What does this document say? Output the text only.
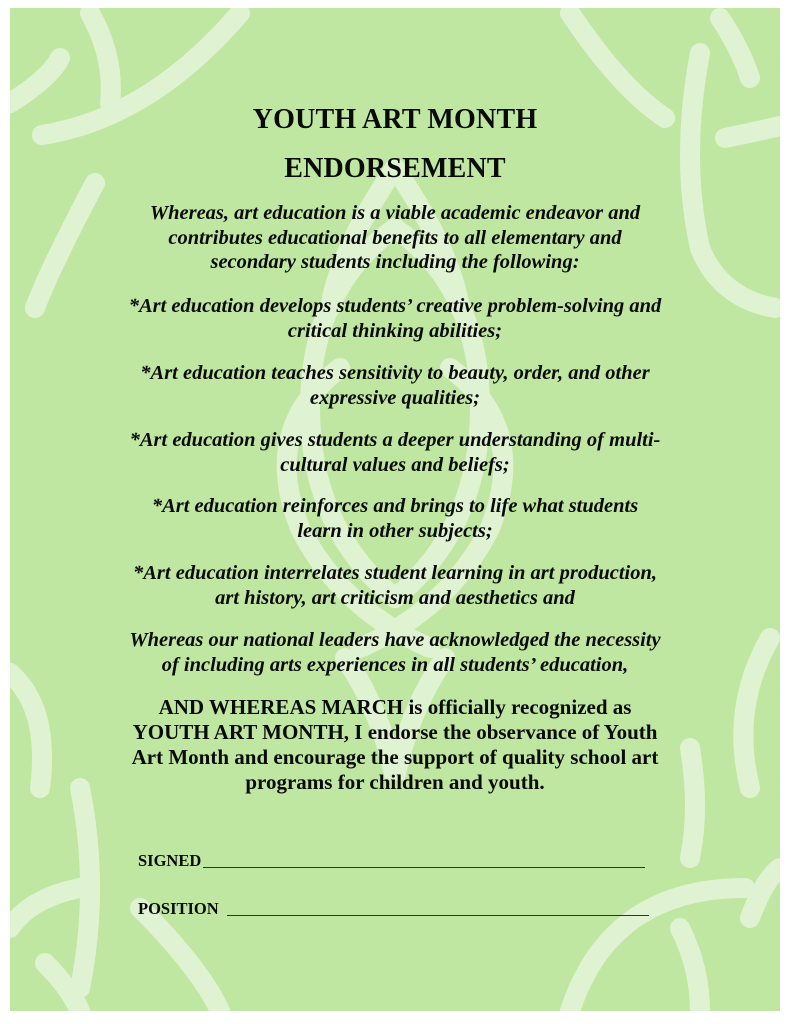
YOUTH ART MONTH
ENDORSEMENT
Whereas, art education is a viable academic endeavor and
contributes educational benefits to all elementary and
secondary students including the following:
*Art education develops students’ creative problem-solving and
critical thinking abilities;
*Art education teaches sensitivity to beauty, order, and other
expressive qualities;
*Art education gives students a deeper understanding of multi-
cultural values and beliefs;
*Art education reinforces and brings to life what students
learn in other subjects;
*Art education interrelates student learning in art production,
art history, art criticism and aesthetics and
Whereas our national leaders have acknowledged the necessity
of including arts experiences in all students’ education,
AND WHEREAS MARCH is officially recognized as
YOUTH ART MONTH, I endorse the observance of Youth
Art Month and encourage the support of quality school art
programs for children and youth.
SIGNED
POSITION
